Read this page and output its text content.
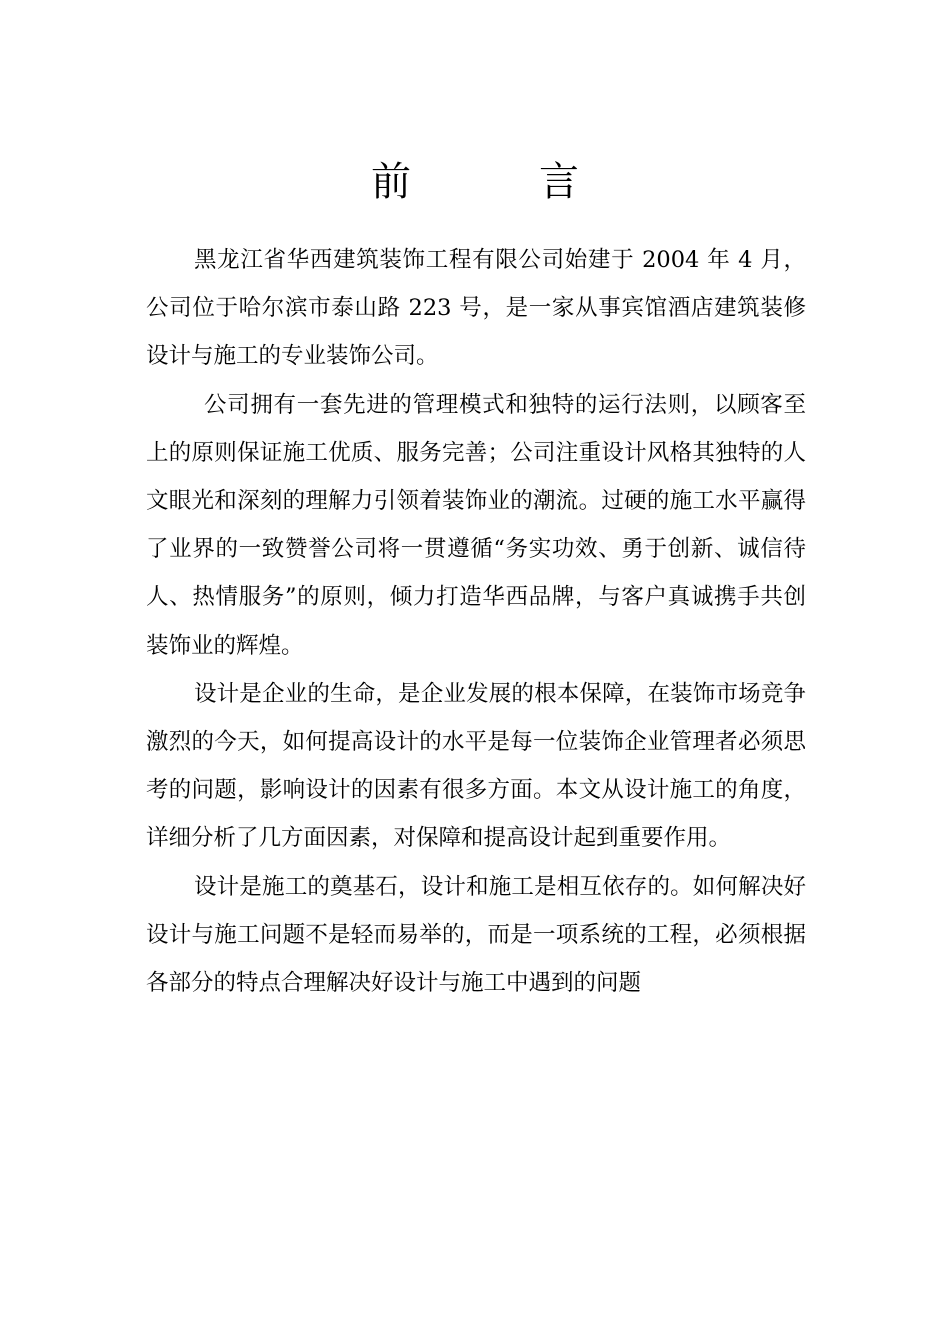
前　言

黑龙江省华西建筑装饰工程有限公司始建于 2004 年 4 月，公司位于哈尔滨市泰山路 223 号，是一家从事宾馆酒店建筑装修设计与施工的专业装饰公司。

公司拥有一套先进的管理模式和独特的运行法则，以顾客至上的原则保证施工优质、服务完善；公司注重设计风格其独特的人文眼光和深刻的理解力引领着装饰业的潮流。过硬的施工水平赢得了业界的一致赞誉公司将一贯遵循“务实功效、勇于创新、诚信待人、热情服务”的原则，倾力打造华西品牌，与客户真诚携手共创装饰业的辉煌。

设计是企业的生命，是企业发展的根本保障，在装饰市场竞争激烈的今天，如何提高设计的水平是每一位装饰企业管理者必须思考的问题，影响设计的因素有很多方面。本文从设计施工的角度，详细分析了几方面因素，对保障和提高设计起到重要作用。

设计是施工的奠基石，设计和施工是相互依存的。如何解决好设计与施工问题不是轻而易举的，而是一项系统的工程，必须根据各部分的特点合理解决好设计与施工中遇到的问题
